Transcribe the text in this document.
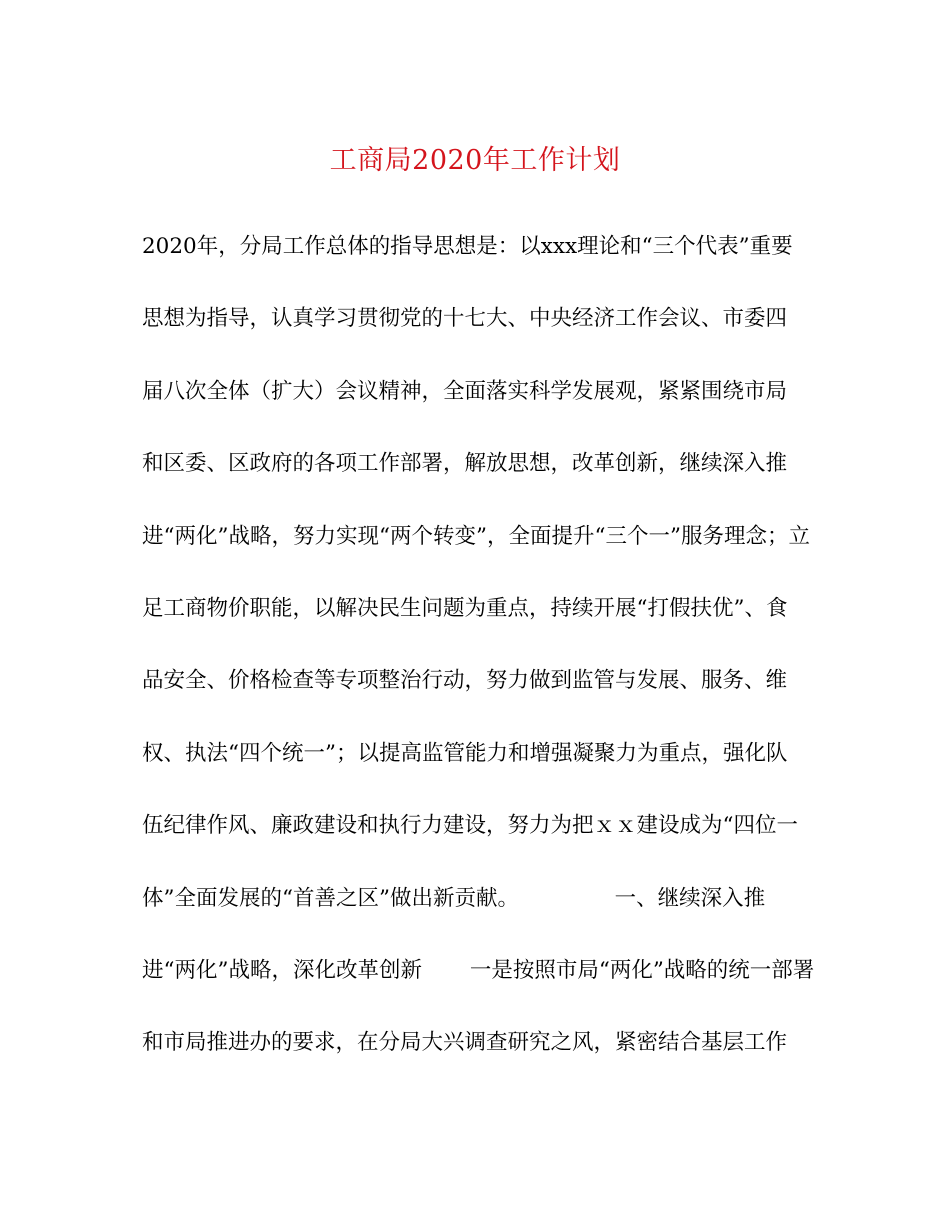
工商局2020年工作计划
2020年，分局工作总体的指导思想是：以xxx理论和“三个代表”重要
思想为指导，认真学习贯彻党的十七大、中央经济工作会议、市委四
届八次全体（扩大）会议精神，全面落实科学发展观，紧紧围绕市局
和区委、区政府的各项工作部署，解放思想，改革创新，继续深入推
进“两化”战略，努力实现“两个转变”，全面提升“三个一”服务理念；立
足工商物价职能，以解决民生问题为重点，持续开展“打假扶优”、食
品安全、价格检查等专项整治行动，努力做到监管与发展、服务、维
权、执法“四个统一”；以提高监管能力和增强凝聚力为重点，强化队
伍纪律作风、廉政建设和执行力建设，努力为把ｘｘ建设成为“四位一
体”全面发展的“首善之区”做出新贡献。              一、继续深入推
进“两化”战略，深化改革创新       一是按照市局“两化”战略的统一部署
和市局推进办的要求，在分局大兴调查研究之风，紧密结合基层工作
